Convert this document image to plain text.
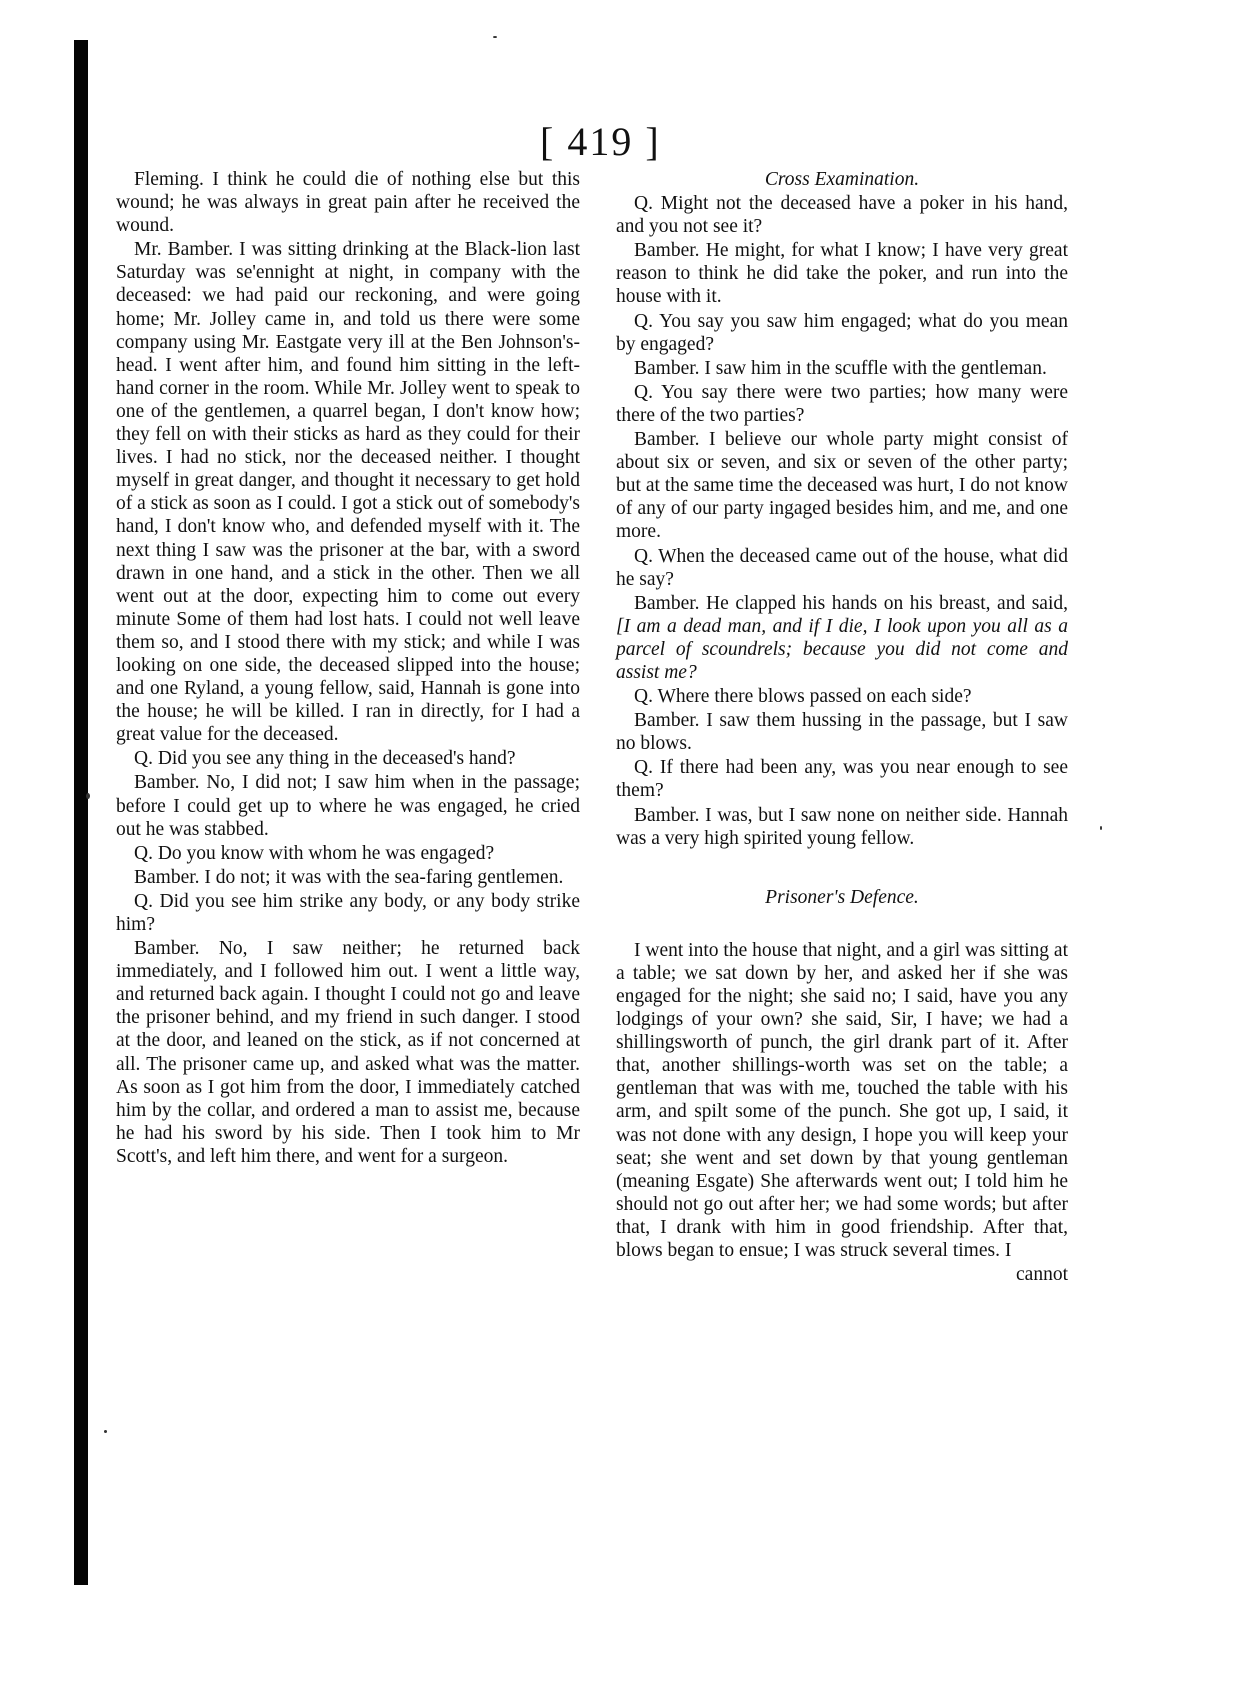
[ 419 ]

Fleming. I think he could die of nothing else but this wound; he was always in great pain after he received the wound.

Mr. Bamber. I was sitting drinking at the Black-lion last Saturday was se'ennight at night, in company with the deceased: we had paid our reckoning, and were going home; Mr. Jolley came in, and told us there were some company using Mr. Eastgate very ill at the Ben Johnson's-head. I went after him, and found him sitting in the left-hand corner in the room. While Mr. Jolley went to speak to one of the gentlemen, a quarrel began, I don't know how; they fell on with their sticks as hard as they could for their lives. I had no stick, nor the deceased neither. I thought myself in great danger, and thought it necessary to get hold of a stick as soon as I could. I got a stick out of somebody's hand, I don't know who, and defended myself with it. The next thing I saw was the prisoner at the bar, with a sword drawn in one hand, and a stick in the other. Then we all went out at the door, expecting him to come out every minute Some of them had lost hats. I could not well leave them so, and I stood there with my stick; and while I was looking on one side, the deceased slipped into the house; and one Ryland, a young fellow, said, Hannah is gone into the house; he will be killed. I ran in directly, for I had a great value for the deceased.

Q. Did you see any thing in the deceased's hand?

Bamber. No, I did not; I saw him when in the passage; before I could get up to where he was engaged, he cried out he was stabbed.

Q. Do you know with whom he was engaged?

Bamber. I do not; it was with the sea-faring gentlemen.

Q. Did you see him strike any body, or any body strike him?

Bamber. No, I saw neither; he returned back immediately, and I followed him out. I went a little way, and returned back again. I thought I could not go and leave the prisoner behind, and my friend in such danger. I stood at the door, and leaned on the stick, as if not concerned at all. The prisoner came up, and asked what was the matter. As soon as I got him from the door, I immediately catched him by the collar, and ordered a man to assist me, because he had his sword by his side. Then I took him to Mr Scott's, and left him there, and went for a surgeon.

Cross Examination.

Q. Might not the deceased have a poker in his hand, and you not see it?

Bamber. He might, for what I know; I have very great reason to think he did take the poker, and run into the house with it.

Q. You say you saw him engaged; what do you mean by engaged?

Bamber. I saw him in the scuffle with the gentleman.

Q. You say there were two parties; how many were there of the two parties?

Bamber. I believe our whole party might consist of about six or seven, and six or seven of the other party; but at the same time the deceased was hurt, I do not know of any of our party ingaged besides him, and me, and one more.

Q. When the deceased came out of the house, what did he say?

Bamber. He clapped his hands on his breast, and said, [I am a dead man, and if I die, I look upon you all as a parcel of scoundrels; because you did not come and assist me?

Q. Where there blows passed on each side?

Bamber. I saw them hussing in the passage, but I saw no blows.

Q. If there had been any, was you near enough to see them?

Bamber. I was, but I saw none on neither side. Hannah was a very high spirited young fellow.

Prisoner's Defence.

I went into the house that night, and a girl was sitting at a table; we sat down by her, and asked her if she was engaged for the night; she said no; I said, have you any lodgings of your own? she said, Sir, I have; we had a shillingsworth of punch, the girl drank part of it. After that, another shillings-worth was set on the table; a gentleman that was with me, touched the table with his arm, and spilt some of the punch. She got up, I said, it was not done with any design, I hope you will keep your seat; she went and set down by that young gentleman (meaning Esgate) She afterwards went out; I told him he should not go out after her; we had some words; but after that, I drank with him in good friendship. After that, blows began to ensue; I was struck several times. I

cannot
